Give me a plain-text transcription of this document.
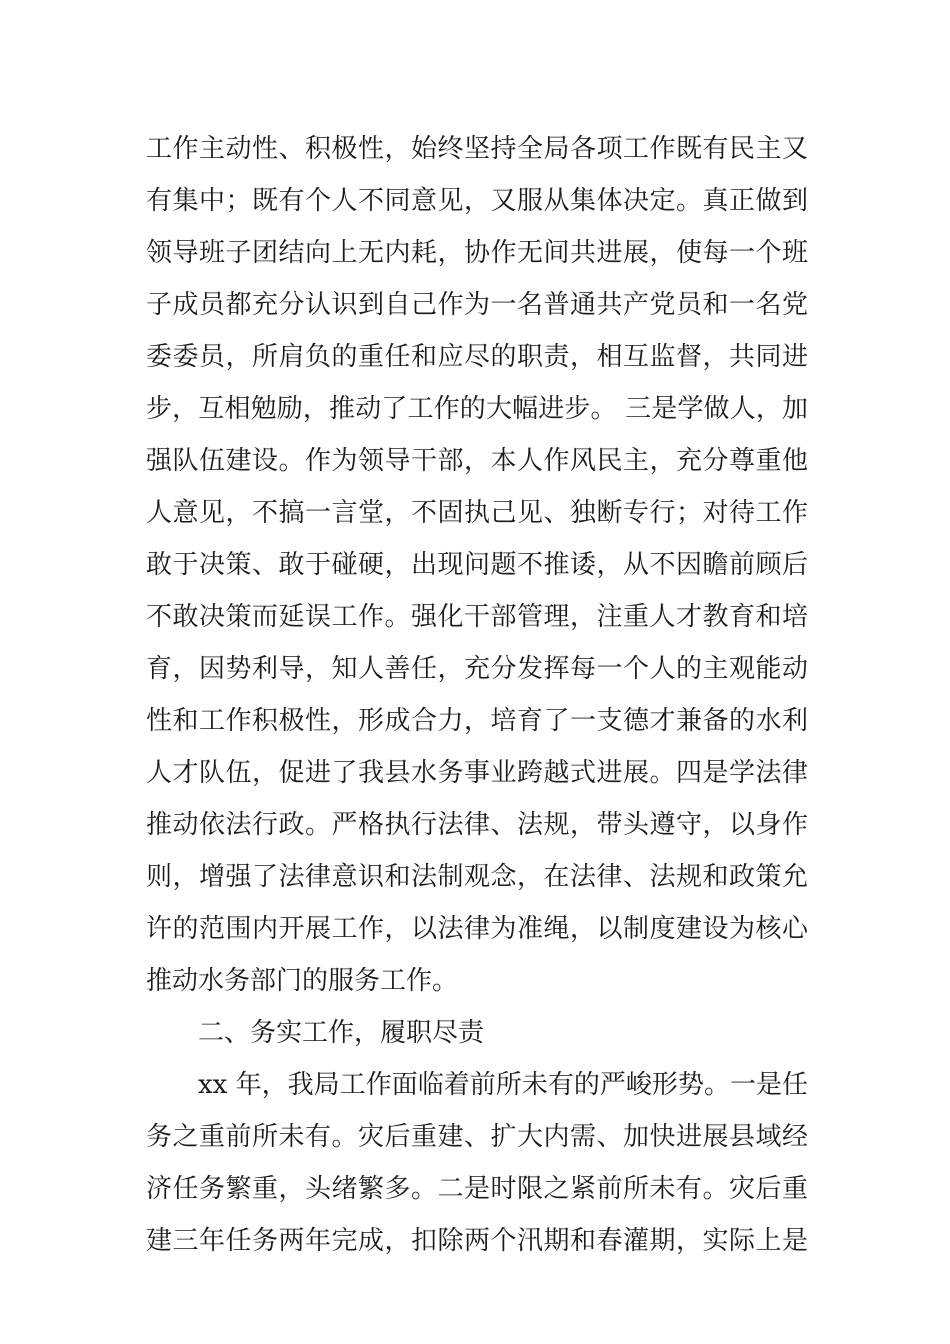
工作主动性、积极性，始终坚持全局各项工作既有民主又
有集中；既有个人不同意见，又服从集体决定。真正做到
领导班子团结向上无内耗，协作无间共进展，使每一个班
子成员都充分认识到自己作为一名普通共产党员和一名党
委委员，所肩负的重任和应尽的职责，相互监督，共同进
步，互相勉励，推动了工作的大幅进步。 三是学做人，加
强队伍建设。作为领导干部，本人作风民主，充分尊重他
人意见，不搞一言堂，不固执己见、独断专行；对待工作
敢于决策、敢于碰硬，出现问题不推诿，从不因瞻前顾后
不敢决策而延误工作。强化干部管理，注重人才教育和培
育，因势利导，知人善任，充分发挥每一个人的主观能动
性和工作积极性，形成合力，培育了一支德才兼备的水利
人才队伍，促进了我县水务事业跨越式进展。四是学法律
推动依法行政。严格执行法律、法规，带头遵守，以身作
则，增强了法律意识和法制观念，在法律、法规和政策允
许的范围内开展工作，以法律为准绳，以制度建设为核心
推动水务部门的服务工作。
二、务实工作，履职尽责
xx 年，我局工作面临着前所未有的严峻形势。一是任
务之重前所未有。灾后重建、扩大内需、加快进展县域经
济任务繁重，头绪繁多。二是时限之紧前所未有。灾后重
建三年任务两年完成，扣除两个汛期和春灌期，实际上是
